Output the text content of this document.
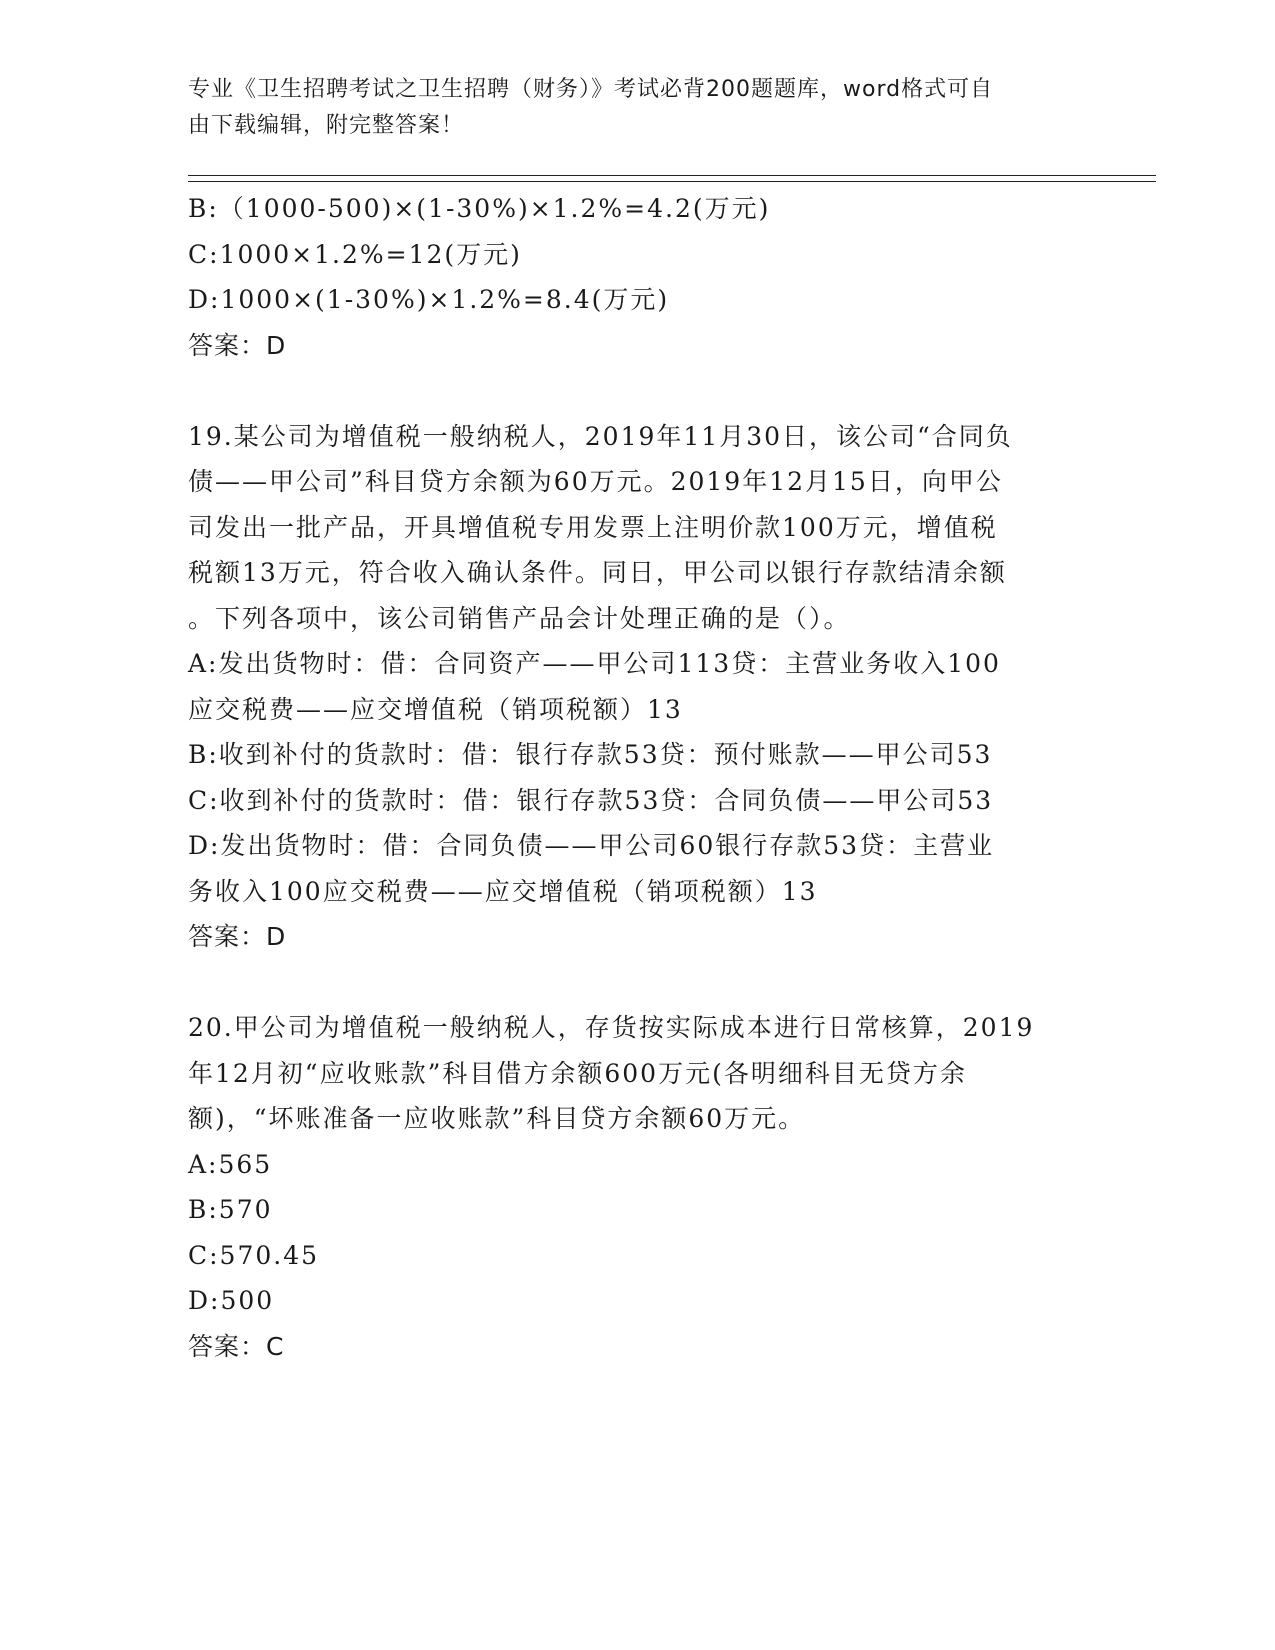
专业《卫生招聘考试之卫生招聘（财务）》考试必背200题题库，word格式可自
由下载编辑，附完整答案！
B:（1000-500)×(1-30%)×1.2%=4.2(万元)
C:1000×1.2%=12(万元)
D:1000×(1-30%)×1.2%=8.4(万元)
答案：D
19.某公司为增值税一般纳税人，2019年11月30日，该公司“合同负
债——甲公司”科目贷方余额为60万元。2019年12月15日，向甲公
司发出一批产品，开具增值税专用发票上注明价款100万元，增值税
税额13万元，符合收入确认条件。同日，甲公司以银行存款结清余额
。下列各项中，该公司销售产品会计处理正确的是（）。
A:发出货物时：借：合同资产——甲公司113贷：主营业务收入100
应交税费——应交增值税（销项税额）13
B:收到补付的货款时：借：银行存款53贷：预付账款——甲公司53
C:收到补付的货款时：借：银行存款53贷：合同负债——甲公司53
D:发出货物时：借：合同负债——甲公司60银行存款53贷：主营业
务收入100应交税费——应交增值税（销项税额）13
答案：D
20.甲公司为增值税一般纳税人，存货按实际成本进行日常核算，2019
年12月初“应收账款”科目借方余额600万元(各明细科目无贷方余
额)，“坏账准备一应收账款”科目贷方余额60万元。
A:565
B:570
C:570.45
D:500
答案：C
